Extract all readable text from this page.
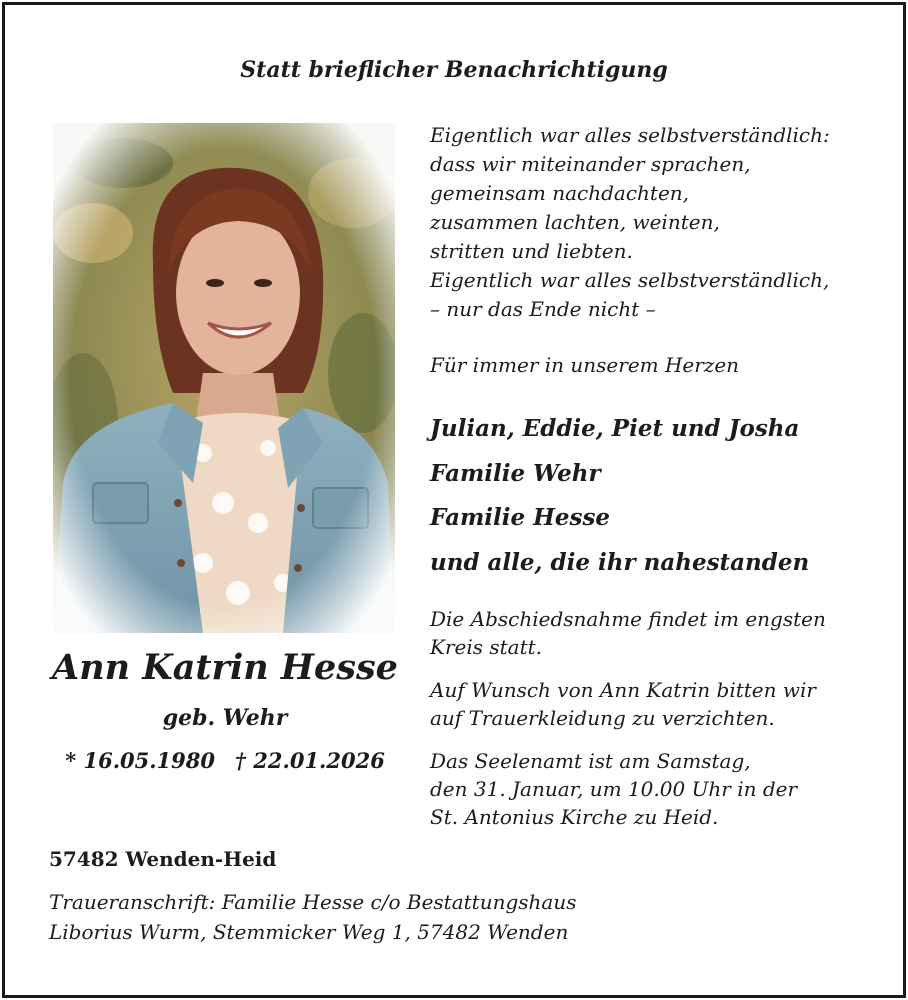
Statt brieflicher Benachrichtigung
Ann Katrin Hesse
geb. Wehr
* 16.05.1980 † 22.01.2026
Eigentlich war alles selbstverständlich:
dass wir miteinander sprachen,
gemeinsam nachdachten,
zusammen lachten, weinten,
stritten und liebten.
Eigentlich war alles selbstverständlich,
– nur das Ende nicht –
Für immer in unserem Herzen
Julian, Eddie, Piet und Josha
Familie Wehr
Familie Hesse
und alle, die ihr nahestanden
Die Abschiedsnahme findet im engsten
Kreis statt.
Auf Wunsch von Ann Katrin bitten wir
auf Trauerkleidung zu verzichten.
Das Seelenamt ist am Samstag,
den 31. Januar, um 10.00 Uhr in der
St. Antonius Kirche zu Heid.
57482 Wenden-Heid
Traueranschrift: Familie Hesse c/o Bestattungshaus
Liborius Wurm, Stemmicker Weg 1, 57482 Wenden
